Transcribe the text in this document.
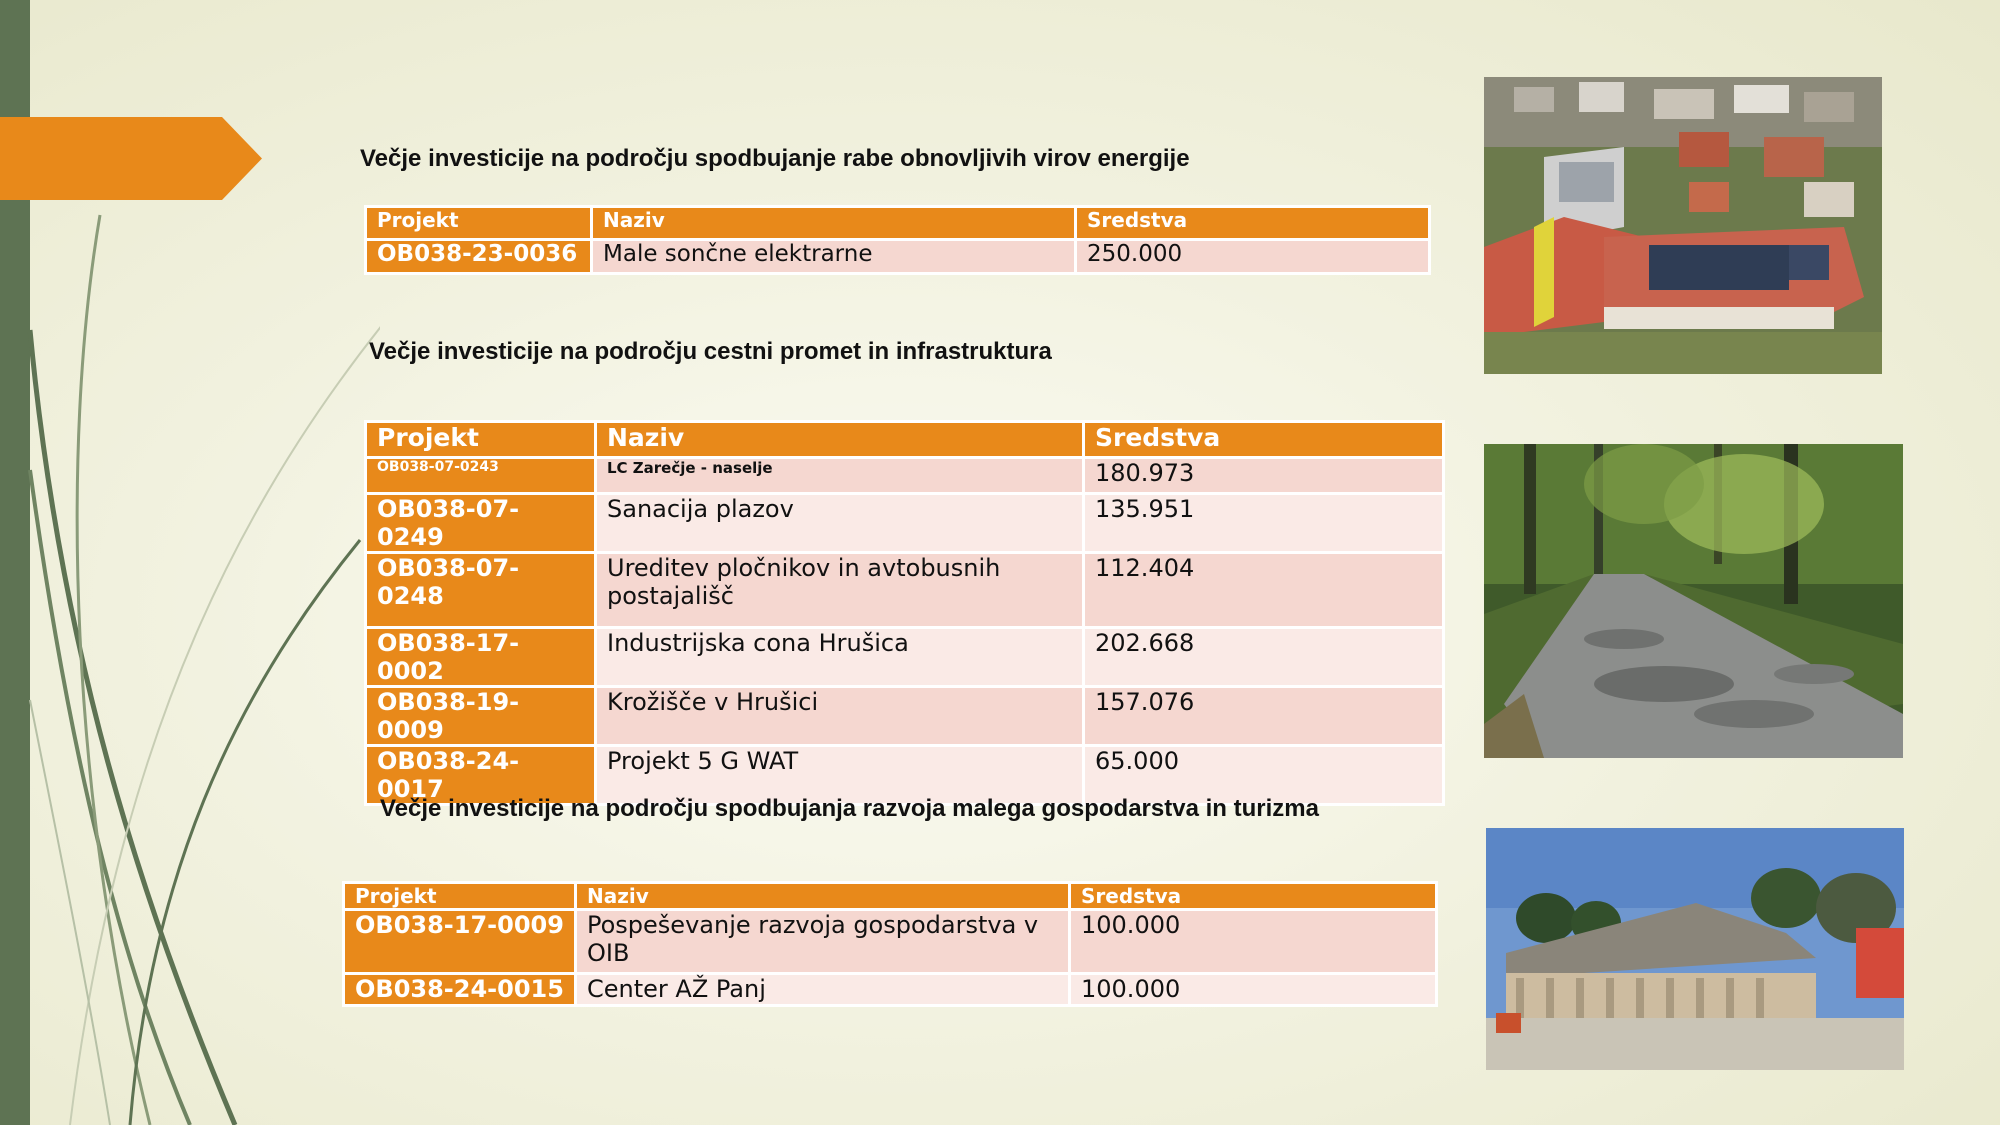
Večje investicije na področju spodbujanje rabe obnovljivih virov energije
Projekt	Naziv	Sredstva
OB038-23-0036	Male sončne elektrarne	250.000
Večje investicije na področju cestni promet in infrastruktura
Projekt	Naziv	Sredstva
OB038-07-0243	LC Zarečje - naselje	180.973
OB038-07-0249	Sanacija plazov	135.951
OB038-07-0248	Ureditev pločnikov in avtobusnih postajališč	112.404
OB038-17-0002	Industrijska cona Hrušica	202.668
OB038-19-0009	Krožišče v Hrušici	157.076
OB038-24-0017	Projekt 5 G WAT	65.000
Večje investicije na področju spodbujanja razvoja malega gospodarstva in turizma
Projekt	Naziv	Sredstva
OB038-17-0009	Pospeševanje razvoja gospodarstva v OIB	100.000
OB038-24-0015	Center AŽ Panj	100.000
